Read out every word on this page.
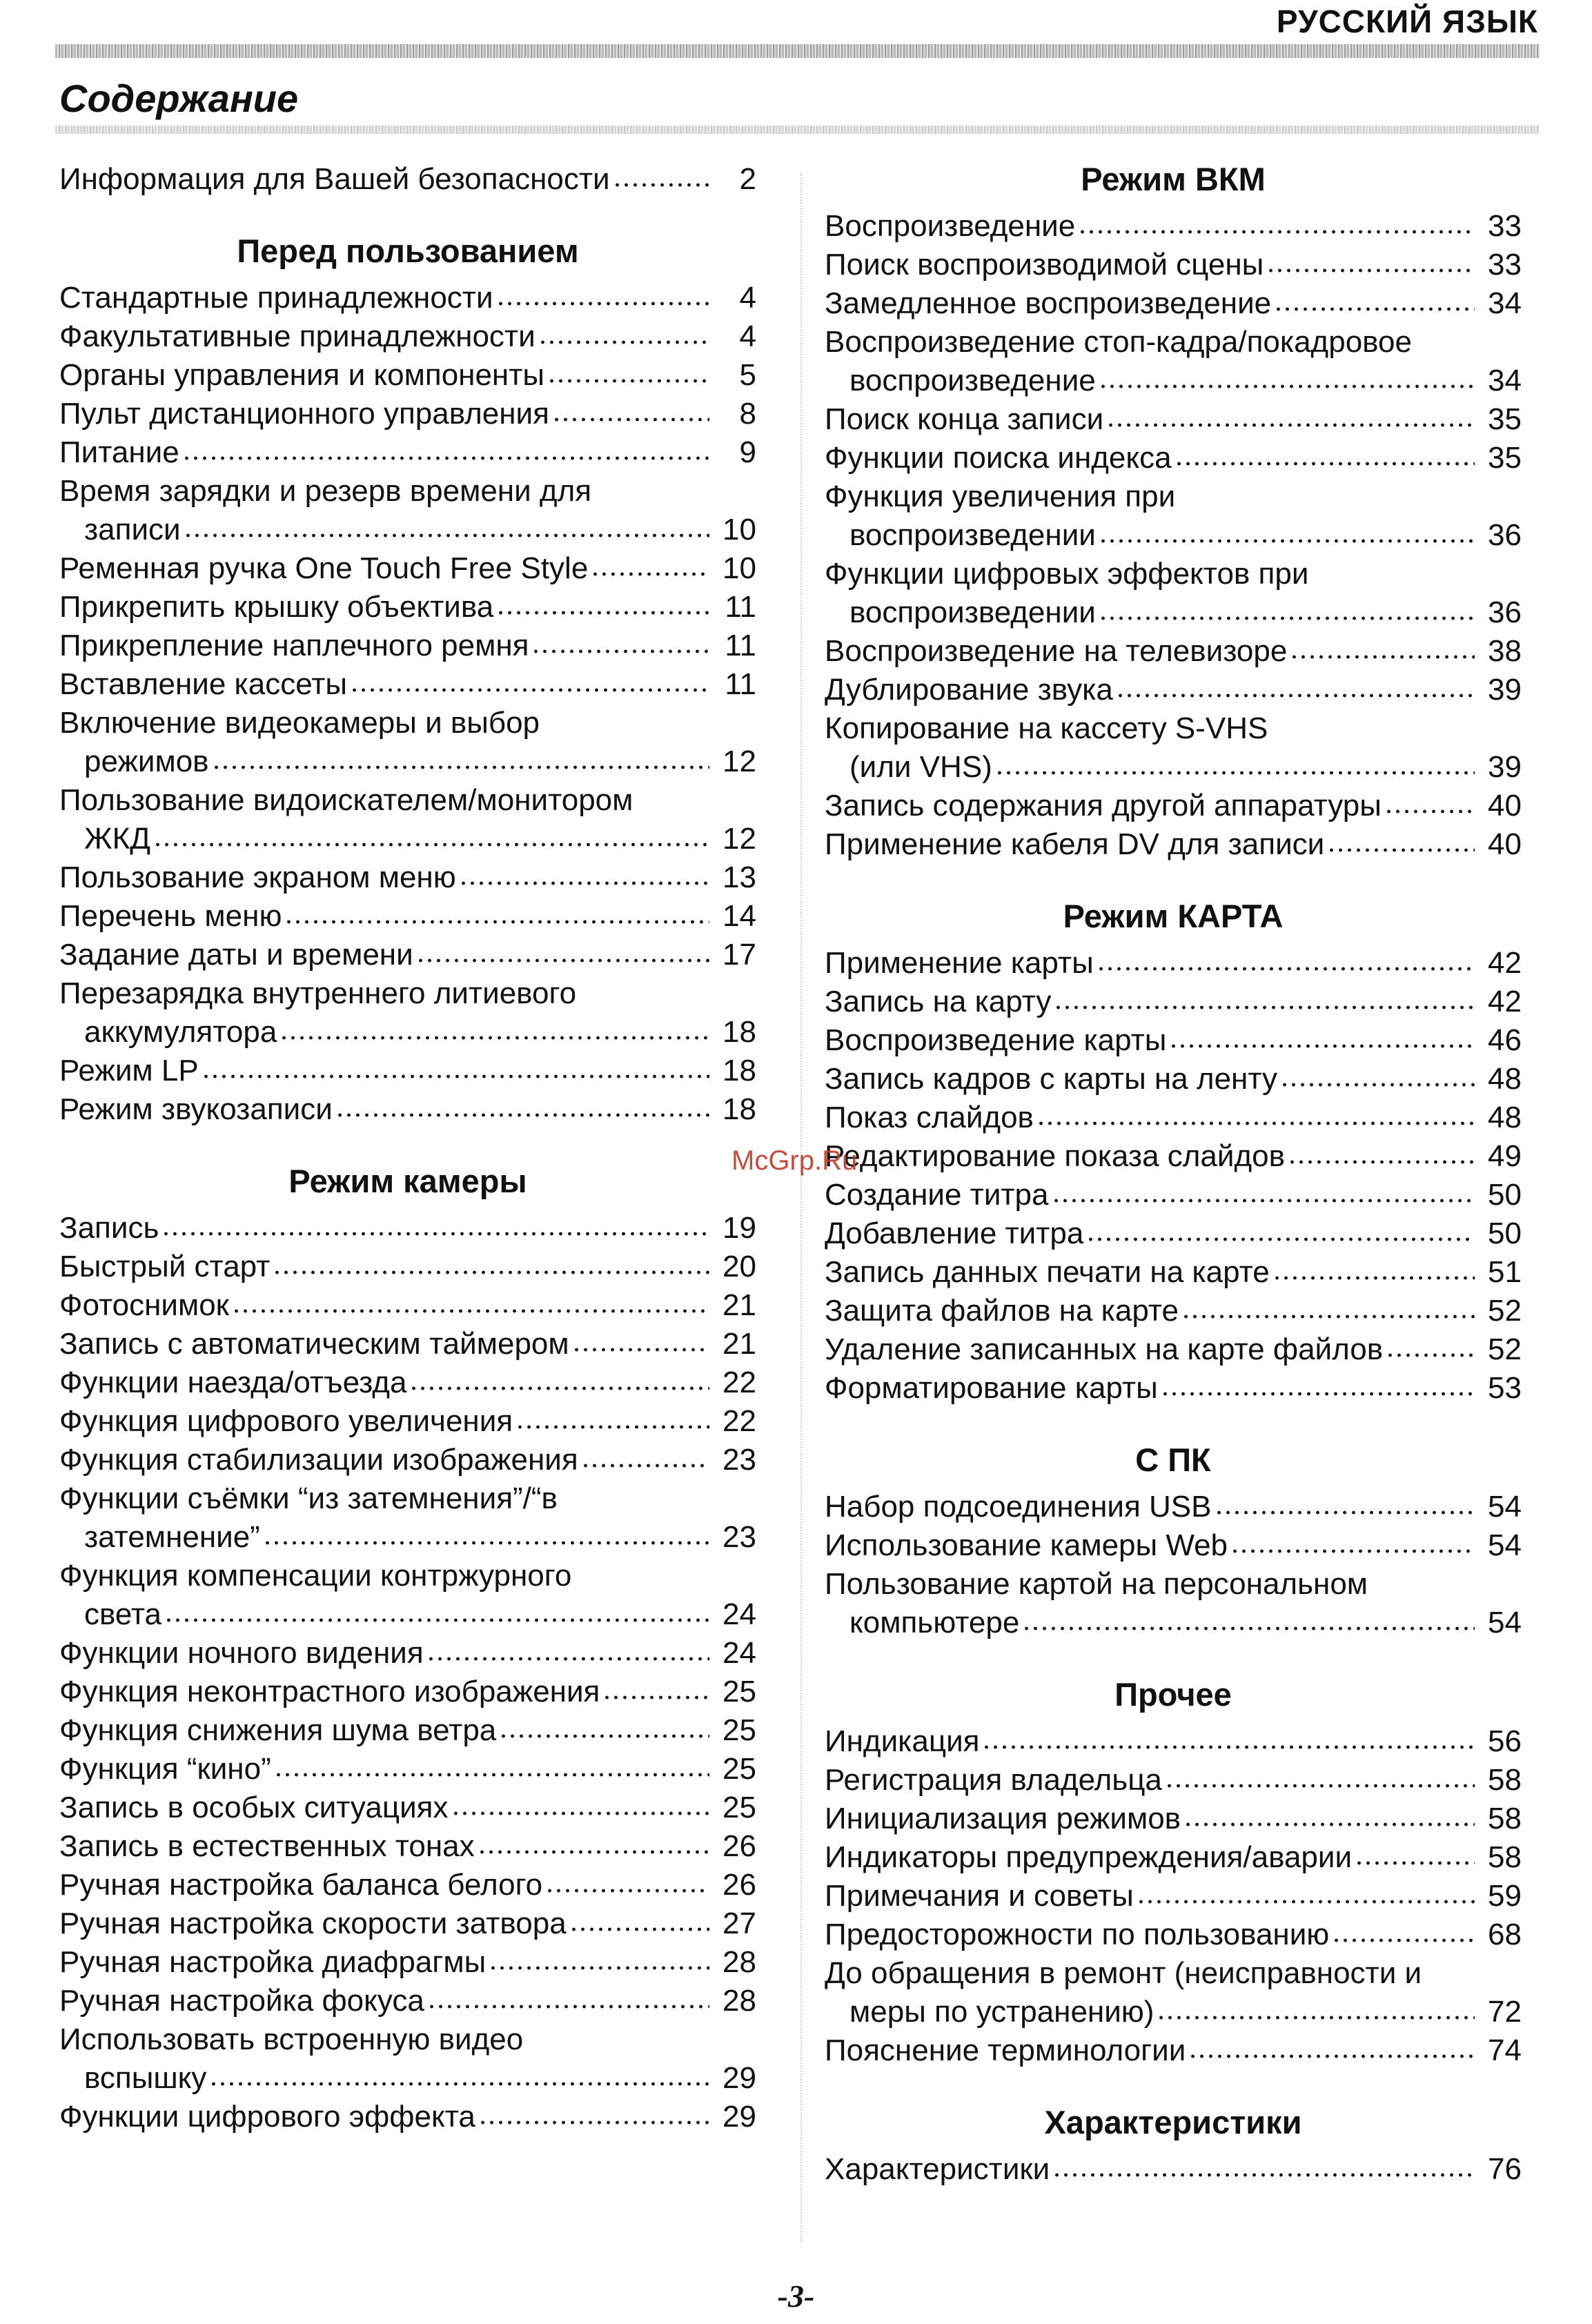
РУССКИЙ ЯЗЫК
Содержание
Информация для Вашей безопасности	2
Перед пользованием
Стандартные принадлежности	4
Факультативные принадлежности	4
Органы управления и компоненты	5
Пульт дистанционного управления	8
Питание	9
Время зарядки и резерв времени для
записи	10
Ременная ручка One Touch Free Style	10
Прикрепить крышку объектива	11
Прикрепление наплечного ремня	11
Вставление кассеты	11
Включение видеокамеры и выбор
режимов	12
Пользование видоискателем/монитором
ЖКД	12
Пользование экраном меню	13
Перечень меню	14
Задание даты и времени	17
Перезарядка внутреннего литиевого
аккумулятора	18
Режим LP	18
Режим звукозаписи	18
Режим камеры
Запись	19
Быстрый старт	20
Фотоснимок	21
Запись с автоматическим таймером	21
Функции наезда/отъезда	22
Функция цифрового увеличения	22
Функция стабилизации изображения	23
Функции съёмки “из затемнения”/“в
затемнение”	23
Функция компенсации контржурного
света	24
Функции ночного видения	24
Функция неконтрастного изображения	25
Функция снижения шума ветра	25
Функция “кино”	25
Запись в особых ситуациях	25
Запись в естественных тонах	26
Ручная настройка баланса белого	26
Ручная настройка скорости затвора	27
Ручная настройка диафрагмы	28
Ручная настройка фокуса	28
Использовать встроенную видео
вспышку	29
Функции цифрового эффекта	29
Режим ВКМ
Воспроизведение	33
Поиск воспроизводимой сцены	33
Замедленное воспроизведение	34
Воспроизведение стоп-кадра/покадровое
воспроизведение	34
Поиск конца записи	35
Функции поиска индекса	35
Функция увеличения при
воспроизведении	36
Функции цифровых эффектов при
воспроизведении	36
Воспроизведение на телевизоре	38
Дублирование звука	39
Копирование на кассету S-VHS
(или VHS)	39
Запись содержания другой аппаратуры	40
Применение кабеля DV для записи	40
Режим КАРТА
Применение карты	42
Запись на карту	42
Воспроизведение карты	46
Запись кадров с карты на ленту	48
Показ слайдов	48
Редактирование показа слайдов	49
Создание титра	50
Добавление титра	50
Запись данных печати на карте	51
Защита файлов на карте	52
Удаление записанных на карте файлов	52
Форматирование карты	53
С ПК
Набор подсоединения USB	54
Использование камеры Web	54
Пользование картой на персональном
компьютере	54
Прочее
Индикация	56
Регистрация владельца	58
Инициализация режимов	58
Индикаторы предупреждения/аварии	58
Примечания и советы	59
Предосторожности по пользованию	68
До обращения в ремонт (неисправности и
меры по устранению)	72
Пояснение терминологии	74
Характеристики
Характеристики	76
McGrp.Ru
-3-
